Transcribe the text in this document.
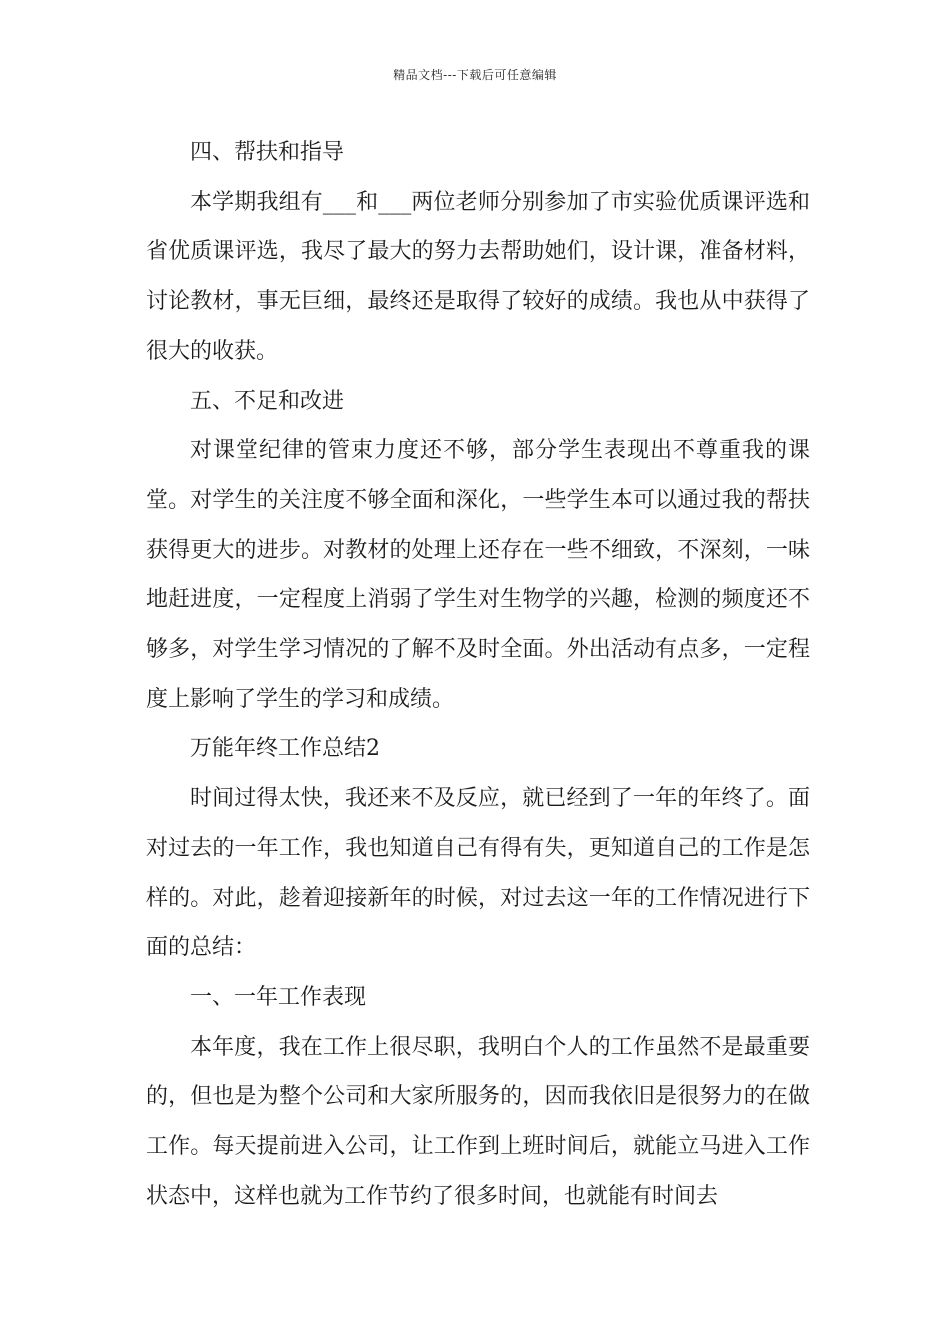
精品文档---下载后可任意编辑

四、帮扶和指导

本学期我组有___和___两位老师分别参加了市实验优质课评选和省优质课评选，我尽了最大的努力去帮助她们，设计课，准备材料，讨论教材，事无巨细，最终还是取得了较好的成绩。我也从中获得了很大的收获。

五、不足和改进

对课堂纪律的管束力度还不够，部分学生表现出不尊重我的课堂。对学生的关注度不够全面和深化，一些学生本可以通过我的帮扶获得更大的进步。对教材的处理上还存在一些不细致，不深刻，一味地赶进度，一定程度上消弱了学生对生物学的兴趣，检测的频度还不够多，对学生学习情况的了解不及时全面。外出活动有点多，一定程度上影响了学生的学习和成绩。

万能年终工作总结2

时间过得太快，我还来不及反应，就已经到了一年的年终了。面对过去的一年工作，我也知道自己有得有失，更知道自己的工作是怎样的。对此，趁着迎接新年的时候，对过去这一年的工作情况进行下面的总结：

一、一年工作表现

本年度，我在工作上很尽职，我明白个人的工作虽然不是最重要的，但也是为整个公司和大家所服务的，因而我依旧是很努力的在做工作。每天提前进入公司，让工作到上班时间后，就能立马进入工作状态中，这样也就为工作节约了很多时间，也就能有时间去
